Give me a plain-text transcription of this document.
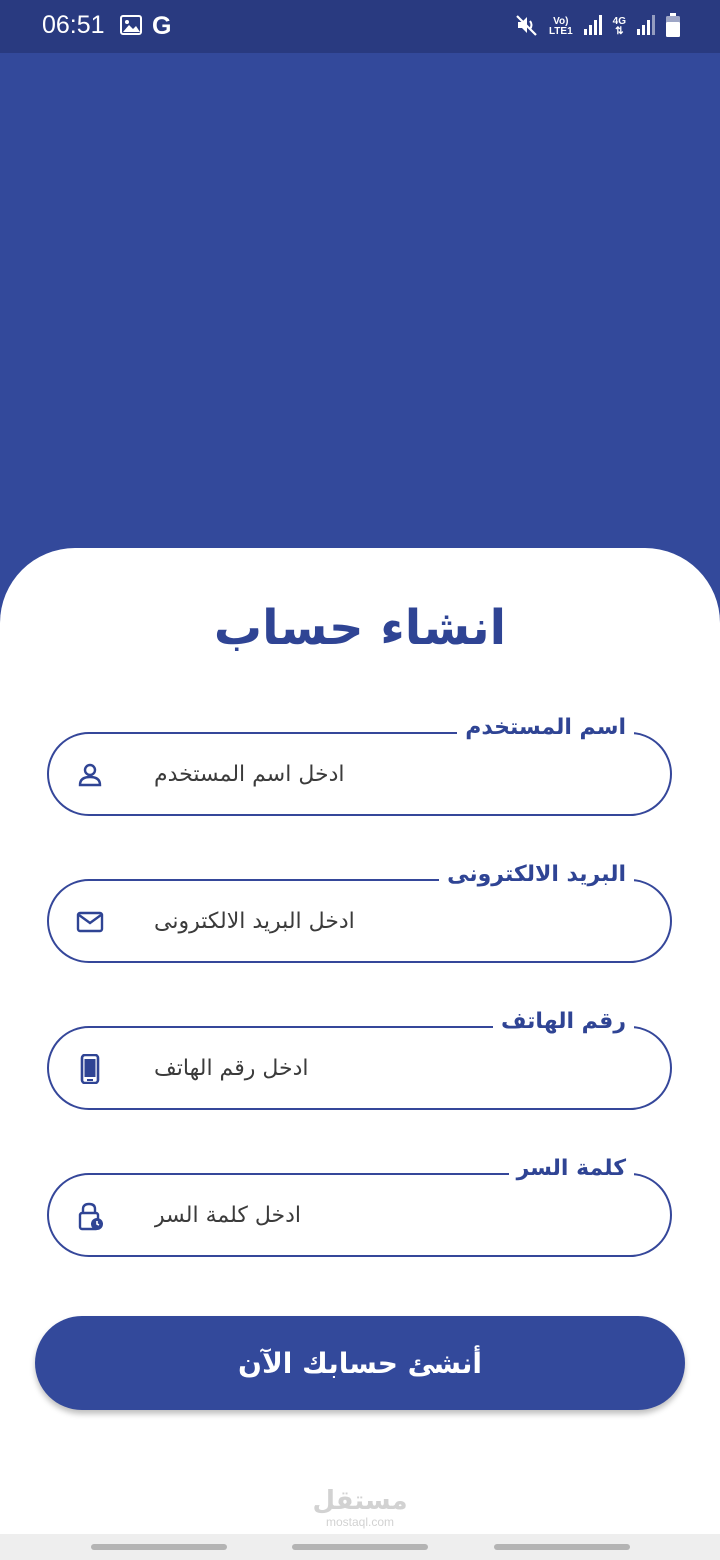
06:51 G	Vo)
LTE1
4G
⇅
انشاء حساب
ادخل اسم المستخدم
اسم المستخدم
ادخل البريد الالكترونى
البريد الالكترونى
ادخل رقم الهاتف
رقم الهاتف
كلمة السر
أنشئ حسابك الآن
مستقل
mostaql.com
